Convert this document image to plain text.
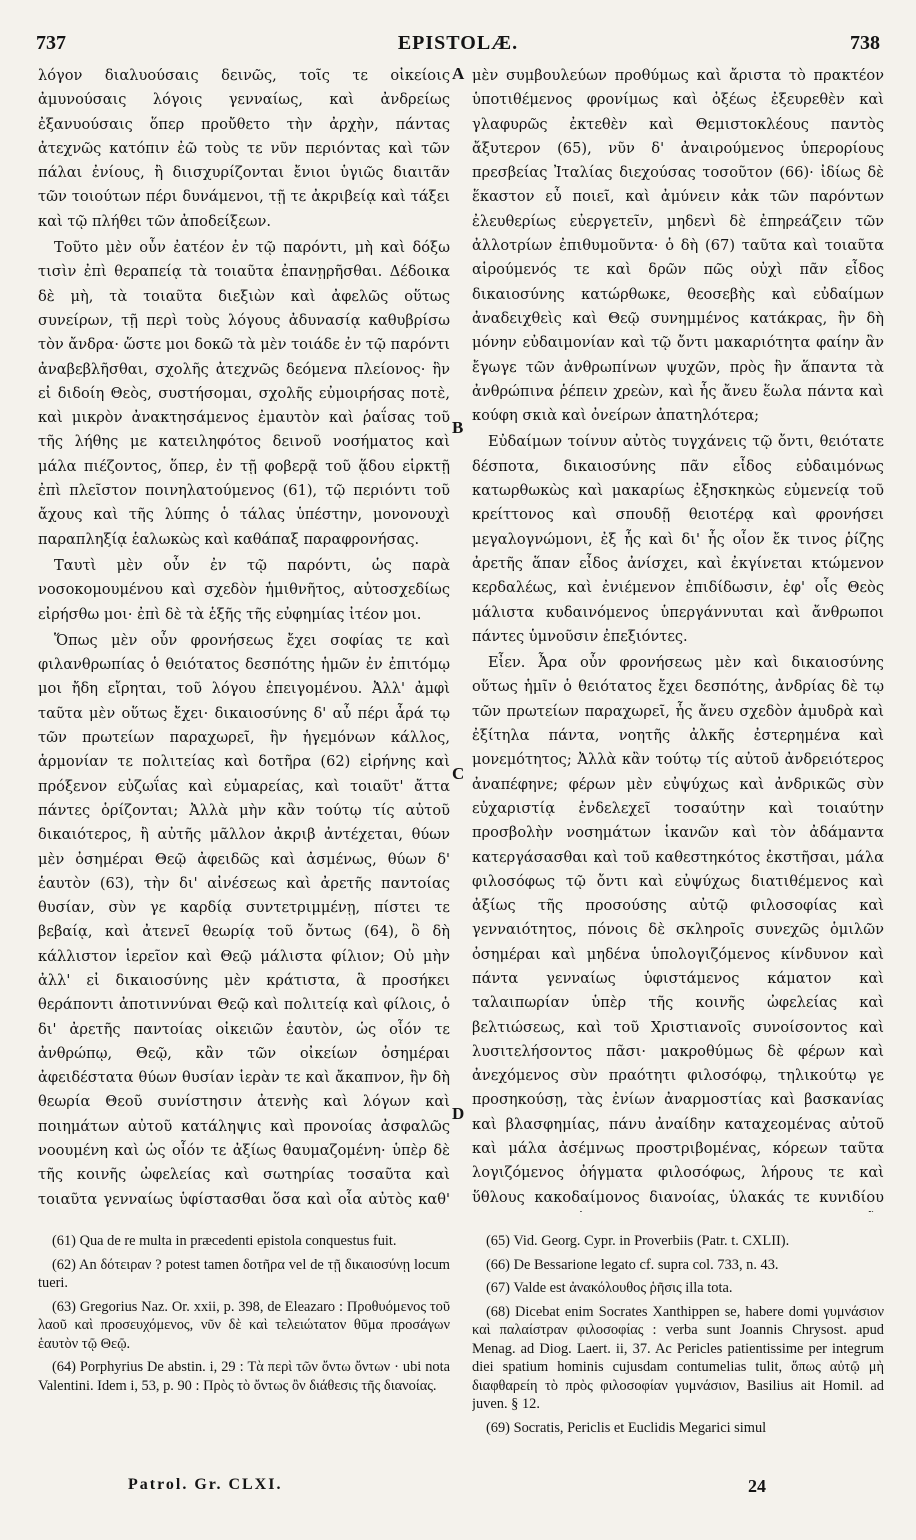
737	EPISTOLÆ.	738

λόγον διαλυούσαις δεινῶς, τοῖς τε οἰκείοις ἀμυνούσαις λόγοις γενναίως, καὶ ἀνδρείως ἐξανυούσαις ὅπερ προὔθετο τὴν ἀρχὴν, πάντας ἀτεχνῶς κατόπιν ἐῶ τοὺς τε νῦν περιόντας καὶ τῶν πάλαι ἐνίους, ἢ διισχυρίζονται ἔνιοι ὑγιῶς διαιτᾶν τῶν τοιούτων πέρι δυνάμενοι, τῇ τε ἀκριβείᾳ καὶ τάξει καὶ τῷ πλήθει τῶν ἀποδείξεων.

Τοῦτο μὲν οὖν ἐατέον ἐν τῷ παρόντι, μὴ καὶ δόξω τισὶν ἐπὶ θεραπείᾳ τὰ τοιαῦτα ἐπανῃρῆσθαι. Δέδοικα δὲ μὴ, τὰ τοιαῦτα διεξιὼν καὶ ἀφελῶς οὕτως συνείρων, τῇ περὶ τοὺς λόγους ἀδυνασίᾳ καθυβρίσω τὸν ἄνδρα· ὥστε μοι δοκῶ τὰ μὲν τοιάδε ἐν τῷ παρόντι ἀναβεβλῆσθαι, σχολῆς ἀτεχνῶς δεόμενα πλείονος· ἣν εἰ διδοίη Θεὸς, συστήσομαι, σχολῆς εὐμοιρήσας ποτὲ, καὶ μικρὸν ἀνακτησάμενος ἐμαυτὸν καὶ ῥαΐσας τοῦ τῆς λήθης με κατειληφότος δεινοῦ νοσήματος καὶ μάλα πιέζοντος, ὅπερ, ἐν τῇ φοβερᾷ τοῦ ᾅδου εἱρκτῇ ἐπὶ πλεῖστον ποινηλατούμενος (61), τῷ περιόντι τοῦ ἄχους καὶ τῆς λύπης ὁ τάλας ὑπέστην, μονονουχὶ παραπληξίᾳ ἑαλωκὼς καὶ καθάπαξ παραφρονήσας.

Ταυτὶ μὲν οὖν ἐν τῷ παρόντι, ὡς παρὰ νοσοκομουμένου καὶ σχεδὸν ἡμιθνῆτος, αὐτοσχεδίως εἰρήσθω μοι· ἐπὶ δὲ τὰ ἑξῆς τῆς εὐφημίας ἰτέον μοι.

Ὅπως μὲν οὖν φρονήσεως ἔχει σοφίας τε καὶ φιλανθρωπίας ὁ θειότατος δεσπότης ἡμῶν ἐν ἐπιτόμῳ μοι ἤδη εἴρηται, τοῦ λόγου ἐπειγομένου. Ἀλλ' ἀμφὶ ταῦτα μὲν οὕτως ἔχει· δικαιοσύνης δ' αὖ πέρι ἆρά τῳ τῶν πρωτείων παραχωρεῖ, ἣν ἡγεμόνων κάλλος, ἁρμονίαν τε πολιτείας καὶ δοτῆρα (62) εἰρήνης καὶ πρόξενον εὐζωΐας καὶ εὐμαρείας, καὶ τοιαῦτ' ἄττα πάντες ὁρίζονται; Ἀλλὰ μὴν κἂν τούτῳ τίς αὐτοῦ δικαιότερος, ἢ αὐτῆς μᾶλλον ἀκριβ ἀντέχεται, θύων μὲν ὀσημέραι Θεῷ ἀφειδῶς καὶ ἀσμένως, θύων δ' ἑαυτὸν (63), τὴν δι' αἰνέσεως καὶ ἀρετῆς παντοίας θυσίαν, σὺν γε καρδίᾳ συντετριμμένῃ, πίστει τε βεβαίᾳ, καὶ ἀτενεῖ θεωρίᾳ τοῦ ὄντως (64), ὃ δὴ κάλλιστον ἱερεῖον καὶ Θεῷ μάλιστα φίλιον; Οὐ μὴν ἀλλ' εἰ δικαιοσύνης μὲν κράτιστα, ἃ προσήκει θεράποντι ἀποτιννύναι Θεῷ καὶ πολιτείᾳ καὶ φίλοις, ὁ δι' ἀρετῆς παντοίας οἰκειῶν ἑαυτὸν, ὡς οἷόν τε ἀνθρώπῳ, Θεῷ, κἂν τῶν οἰκείων ὀσημέραι ἀφειδέστατα θύων θυσίαν ἱερὰν τε καὶ ἄκαπνον, ἣν δὴ θεωρία Θεοῦ συνίστησιν ἀτενὴς καὶ λόγων καὶ ποιημάτων αὐτοῦ κατάληψις καὶ προνοίας ἀσφαλῶς νοουμένη καὶ ὡς οἷόν τε ἀξίως θαυμαζομένη· ὑπὲρ δὲ τῆς κοινῆς ὠφελείας καὶ σωτηρίας τοσαῦτα καὶ τοιαῦτα γενναίως ὑφίστασθαι ὅσα καὶ οἷα αὐτὸς καθ'

A
B
C
D

μὲν συμβουλεύων προθύμως καὶ ἄριστα τὸ πρακτέον ὑποτιθέμενος φρονίμως καὶ ὀξέως ἐξευρεθὲν καὶ γλαφυρῶς ἐκτεθὲν καὶ Θεμιστοκλέους παντὸς ἄξυτερον (65), νῦν δ' ἀναιρούμενος ὑπερορίους πρεσβείας Ἰταλίας διεχούσας τοσοῦτον (66)· ἰδίως δὲ ἕκαστον εὖ ποιεῖ, καὶ ἀμύνειν κἀκ τῶν παρόντων ἐλευθερίως εὐεργετεῖν, μηδενὶ δὲ ἐπηρεάζειν τῶν ἀλλοτρίων ἐπιθυμοῦντα· ὁ δὴ (67) ταῦτα καὶ τοιαῦτα αἱρούμενός τε καὶ δρῶν πῶς οὐχὶ πᾶν εἶδος δικαιοσύνης κατώρθωκε, θεοσεβὴς καὶ εὐδαίμων ἀναδειχθεὶς καὶ Θεῷ συνημμένος κατάκρας, ἣν δὴ μόνην εὐδαιμονίαν καὶ τῷ ὄντι μακαριότητα φαίην ἂν ἔγωγε τῶν ἀνθρωπίνων ψυχῶν, πρὸς ἣν ἅπαντα τὰ ἀνθρώπινα ῥέπειν χρεὼν, καὶ ἧς ἄνευ ἕωλα πάντα καὶ κούφη σκιὰ καὶ ὀνείρων ἀπατηλότερα;

Εὐδαίμων τοίνυν αὐτὸς τυγχάνεις τῷ ὄντι, θειότατε δέσποτα, δικαιοσύνης πᾶν εἶδος εὐδαιμόνως κατωρθωκὼς καὶ μακαρίως ἐξησκηκὼς εὐμενείᾳ τοῦ κρείττονος καὶ σπουδῇ θειοτέρᾳ καὶ φρονήσει μεγαλογνώμονι, ἐξ ἧς καὶ δι' ἧς οἷον ἔκ τινος ῥίζης ἀρετῆς ἅπαν εἶδος ἀνίσχει, καὶ ἐκγίνεται κτώμενον κερδαλέως, καὶ ἐνιέμενον ἐπιδίδωσιν, ἐφ' οἷς Θεὸς μάλιστα κυδαινόμενος ὑπεργάννυται καὶ ἄνθρωποι πάντες ὑμνοῦσιν ἐπεξιόντες.

Εἶεν. Ἆρα οὖν φρονήσεως μὲν καὶ δικαιοσύνης οὕτως ἡμῖν ὁ θειότατος ἔχει δεσπότης, ἀνδρίας δὲ τῳ τῶν πρωτείων παραχωρεῖ, ἧς ἄνευ σχεδὸν ἀμυδρὰ καὶ ἐξίτηλα πάντα, νοητῆς ἀλκῆς ἐστερημένα καὶ μονεμότητος; Ἀλλὰ κἂν τούτῳ τίς αὐτοῦ ἀνδρειότερος ἀναπέφηνε; φέρων μὲν εὐψύχως καὶ ἀνδρικῶς σὺν εὐχαριστίᾳ ἐνδελεχεῖ τοσαύτην καὶ τοιαύτην προσβολὴν νοσημάτων ἱκανῶν καὶ τὸν ἀδάμαντα κατεργάσασθαι καὶ τοῦ καθεστηκότος ἐκστῆσαι, μάλα φιλοσόφως τῷ ὄντι καὶ εὐψύχως διατιθέμενος καὶ ἀξίως τῆς προσούσης αὐτῷ φιλοσοφίας καὶ γενναιότητος, πόνοις δὲ σκληροῖς συνεχῶς ὁμιλῶν ὀσημέραι καὶ μηδένα ὑπολογιζόμενος κίνδυνον καὶ πάντα γενναίως ὑφιστάμενος κάματον καὶ ταλαιπωρίαν ὑπὲρ τῆς κοινῆς ὠφελείας καὶ βελτιώσεως, καὶ τοῦ Χριστιανοῖς συνοίσοντος καὶ λυσιτελήσοντος πᾶσι· μακροθύμως δὲ φέρων καὶ ἀνεχόμενος σὺν πραότητι φιλοσόφῳ, τηλικούτῳ γε προσηκούσῃ, τὰς ἐνίων ἀναρμοστίας καὶ βασκανίας καὶ βλασφημίας, πάνυ ἀναίδην καταχεομένας αὐτοῦ καὶ μάλα ἀσέμνως προστριβομένας, κόρεων ταῦτα λογιζόμενος ὀήγματα φιλοσόφως, λήρους τε καὶ ὕθλους κακοδαίμονος διανοίας, ὑλακάς τε κυνιδίου

(61) Qua de re multa in præcedenti epistola conquestus fuit.

(62) An δότειραν ? potest tamen δοτῆρα vel de τῇ δικαιοσύνῃ locum tueri.

(63) Gregorius Naz. Or. xxii, p. 398, de Eleazaro : Προθυόμενος τοῦ λαοῦ καὶ προσευχόμενος, νῦν δὲ καὶ τελειώτατον θῦμα προσάγων ἑαυτὸν τῷ Θεῷ.

(64) Porphyrius De abstin. i, 29 : Τὰ περὶ τῶν ὄντω ὄντων · ubi nota Valentini. Idem i, 53, p. 90 : Πρὸς τὸ ὄντως ὂν διάθεσις τῆς διανοίας.

(65) Vid. Georg. Cypr. in Proverbiis (Patr. t. CXLII).

(66) De Bessarione legato cf. supra col. 733, n. 43.

(67) Valde est ἀνακόλουθος ῥῆσις illa tota.

(68) Dicebat enim Socrates Xanthippen se, habere domi γυμνάσιον καὶ παλαίστραν φιλοσοφίας : verba sunt Joannis Chrysost. apud Menag. ad Diog. Laert. ii, 37. Ac Pericles patientissime per integrum diei spatium hominis cujusdam contumelias tulit, ὅπως αὐτῷ μὴ διαφθαρείη τὸ πρὸς φιλοσοφίαν γυμνάσιον, Basilius ait Homil. ad juven. § 12.

(69) Socratis, Periclis et Euclidis Megarici simul

Patrol. Gr. CLXI.	24
